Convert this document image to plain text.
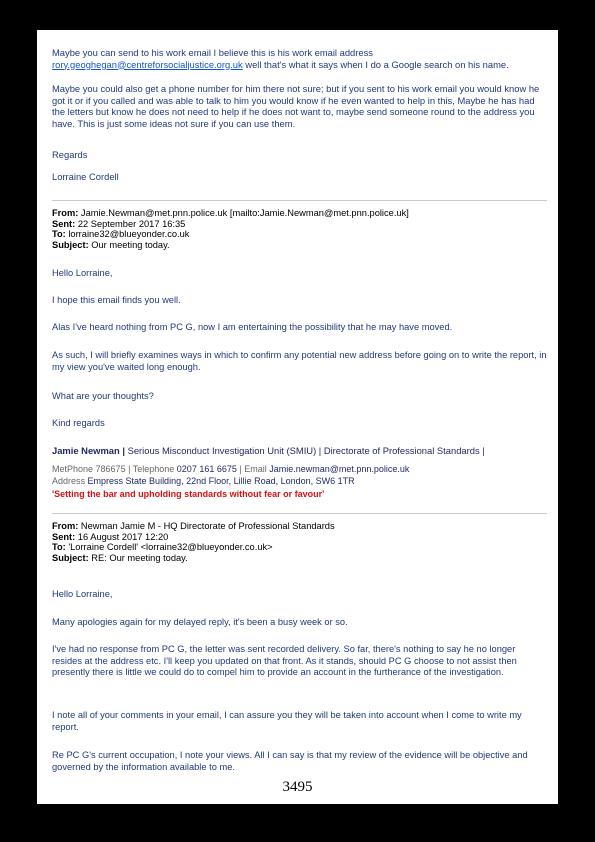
Maybe you can send to his work email I believe this is his work email address
rory.geoghegan@centreforsocialjustice.org.uk well that's what it says when I do a Google search on his name.

Maybe you could also get a phone number for him there not sure; but if you sent to his work email you would know he got it or if you called and was able to talk to him you would know if he even wanted to help in this, Maybe he has had the letters but know he does not need to help if he does not want to, maybe send someone round to the address you have. This is just some ideas not sure if you can use them.

Regards

Lorraine Cordell

From: Jamie.Newman@met.pnn.police.uk [mailto:Jamie.Newman@met.pnn.police.uk]

Sent: 22 September 2017 16:35

To: lorraine32@blueyonder.co.uk

Subject: Our meeting today.

Hello Lorraine,

I hope this email finds you well.

Alas I've heard nothing from PC G, now I am entertaining the possibility that he may have moved.

As such, I will briefly examines ways in which to confirm any potential new address before going on to write the report, in my view you've waited long enough.

What are your thoughts?

Kind regards

Jamie Newman | Serious Misconduct Investigation Unit (SMIU) | Directorate of Professional Standards |

MetPhone 786675 | Telephone 0207 161 6675 | Email Jamie.newman@met.pnn.police.uk

Address Empress State Building, 22nd Floor, Lillie Road, London, SW6 1TR

'Setting the bar and upholding standards without fear or favour'

From: Newman Jamie M - HQ Directorate of Professional Standards

Sent: 16 August 2017 12:20

To: 'Lorraine Cordell' <lorraine32@blueyonder.co.uk>

Subject: RE: Our meeting today.

Hello Lorraine,

Many apologies again for my delayed reply, it's been a busy week or so.

I've had no response from PC G, the letter was sent recorded delivery. So far, there's nothing to say he no longer resides at the address etc. I'll keep you updated on that front. As it stands, should PC G choose to not assist then presently there is little we could do to compel him to provide an account in the furtherance of the investigation.

I note all of your comments in your email, I can assure you they will be taken into account when I come to write my report.

Re PC G's current occupation, I note your views. All I can say is that my review of the evidence will be objective and governed by the information available to me.

3495
